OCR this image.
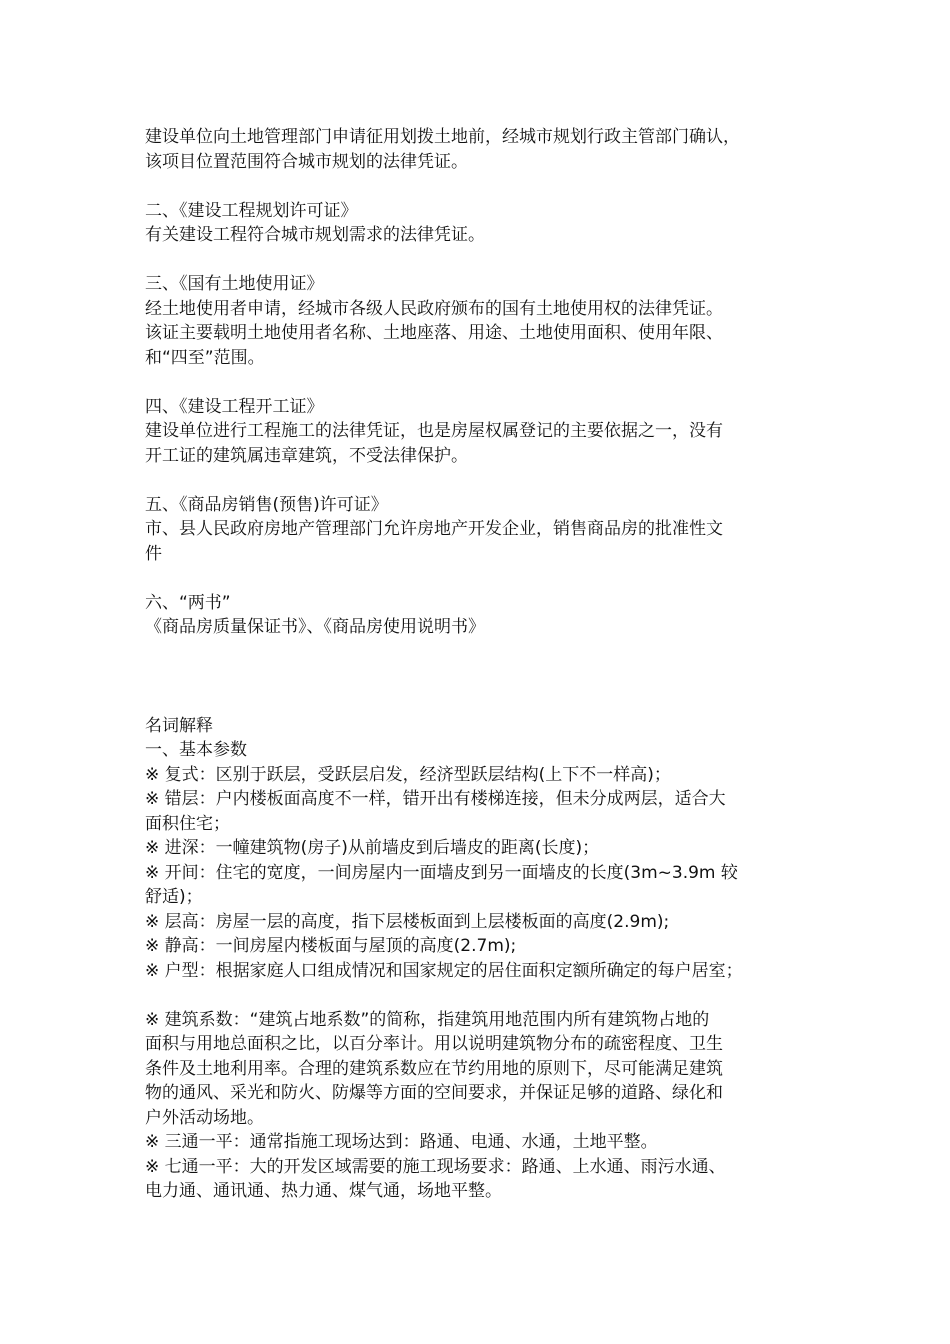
建设单位向土地管理部门申请征用划拨土地前，经城市规划行政主管部门确认，
该项目位置范围符合城市规划的法律凭证。
二、《建设工程规划许可证》
有关建设工程符合城市规划需求的法律凭证。
三、《国有土地使用证》
经土地使用者申请，经城市各级人民政府颁布的国有土地使用权的法律凭证。
该证主要载明土地使用者名称、土地座落、用途、土地使用面积、使用年限、
和“四至”范围。
四、《建设工程开工证》
建设单位进行工程施工的法律凭证，也是房屋权属登记的主要依据之一，没有
开工证的建筑属违章建筑，不受法律保护。
五、《商品房销售(预售)许可证》
市、县人民政府房地产管理部门允许房地产开发企业，销售商品房的批准性文
件
六、“两书”
《商品房质量保证书》、《商品房使用说明书》
名词解释
一、基本参数
※ 复式：区别于跃层，受跃层启发，经济型跃层结构(上下不一样高)；
※ 错层：户内楼板面高度不一样，错开出有楼梯连接，但未分成两层，适合大
面积住宅；
※ 进深：一幢建筑物(房子)从前墙皮到后墙皮的距离(长度)；
※ 开间：住宅的宽度，一间房屋内一面墙皮到另一面墙皮的长度(3m~3.9m 较
舒适)；
※ 层高：房屋一层的高度，指下层楼板面到上层楼板面的高度(2.9m);
※ 静高：一间房屋内楼板面与屋顶的高度(2.7m);
※ 户型：根据家庭人口组成情况和国家规定的居住面积定额所确定的每户居室；
※ 建筑系数：“建筑占地系数”的简称，指建筑用地范围内所有建筑物占地的
面积与用地总面积之比，以百分率计。用以说明建筑物分布的疏密程度、卫生
条件及土地利用率。合理的建筑系数应在节约用地的原则下，尽可能满足建筑
物的通风、采光和防火、防爆等方面的空间要求，并保证足够的道路、绿化和
户外活动场地。
※ 三通一平：通常指施工现场达到：路通、电通、水通，土地平整。
※ 七通一平：大的开发区域需要的施工现场要求：路通、上水通、雨污水通、
电力通、通讯通、热力通、煤气通，场地平整。
